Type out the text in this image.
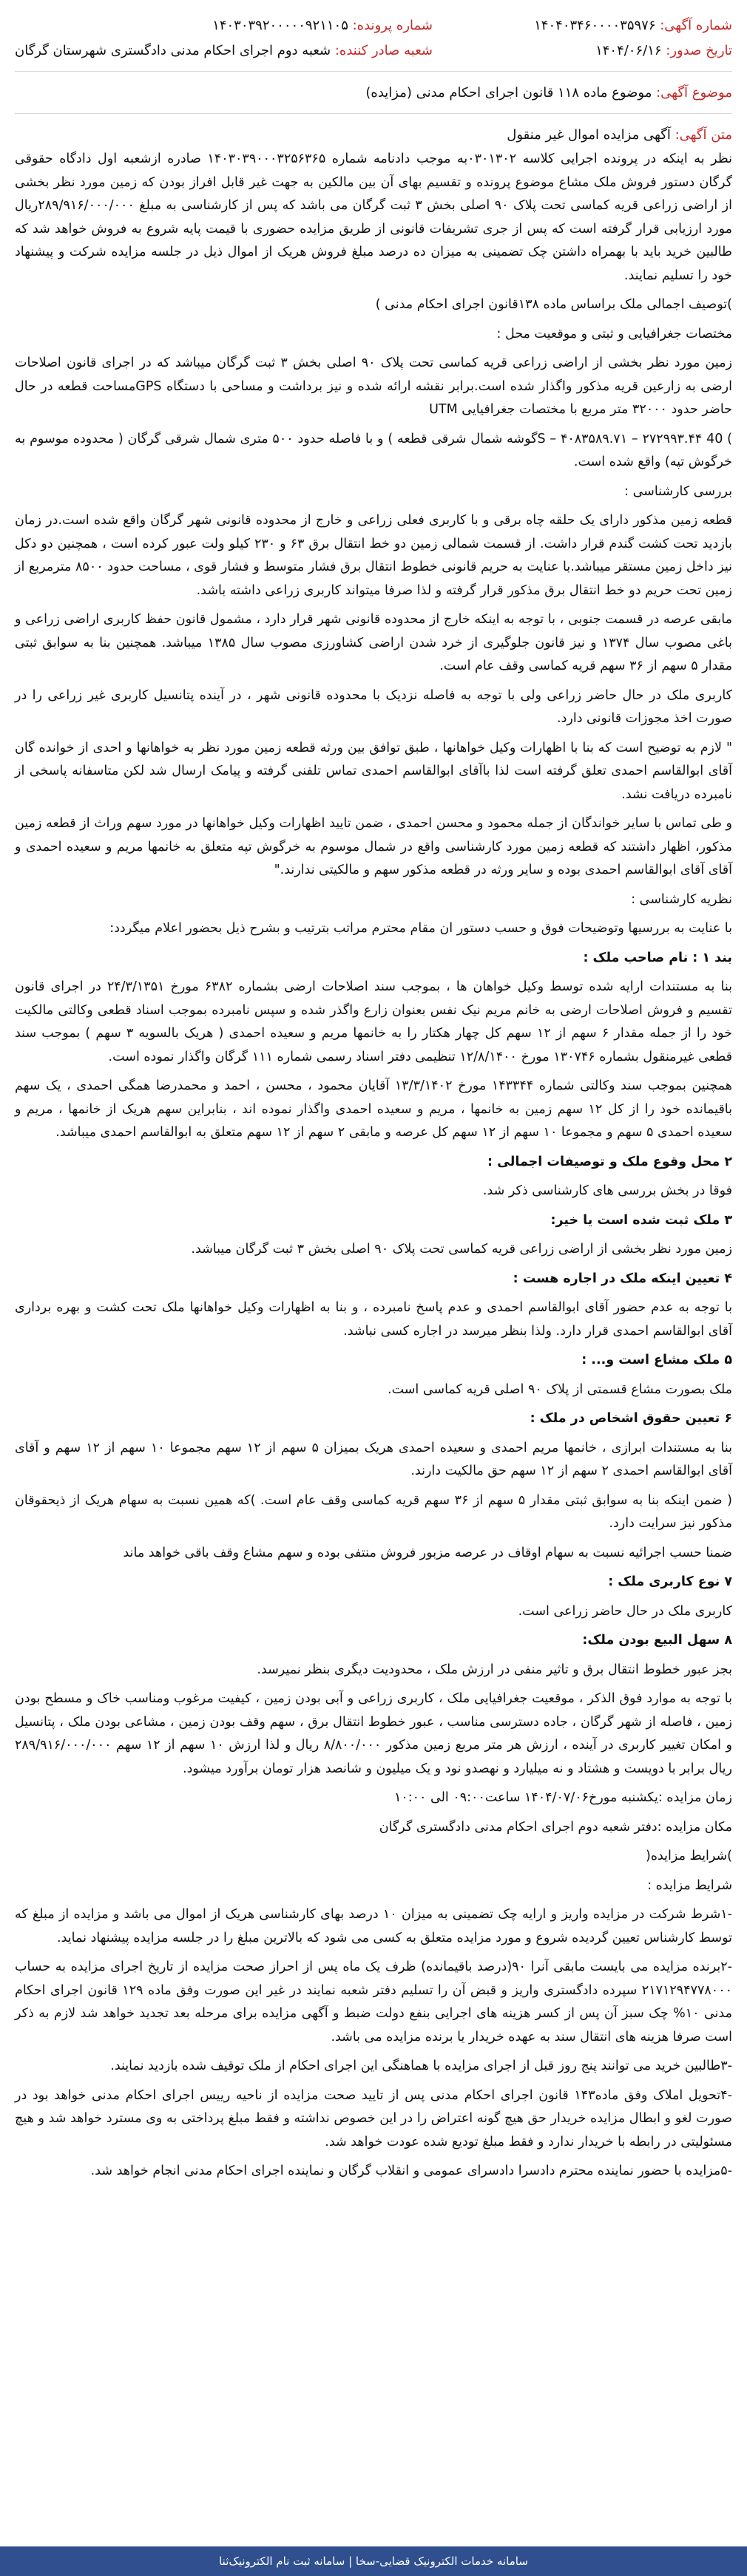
شماره آگهی: ۱۴۰۴۰۳۴۶۰۰۰۰۳۵۹۷۶
تاریخ صدور: ۱۴۰۴/۰۶/۱۶
شماره پرونده: ۱۴۰۳۰۳۹۲۰۰۰۰۰۹۲۱۱۰۵
شعبه صادر کننده: شعبه دوم اجرای احکام مدنی دادگستری شهرستان گرگان
موضوع آگهی: موضوع ماده ۱۱۸ قانون اجرای احکام مدنی (مزایده)
متن آگهی: آگهی مزایده اموال غیر منقول

نظر به اینکه در پرونده اجرایی کلاسه ۰۳۰۱۳۰۲به موجب دادنامه شماره ۱۴۰۳۰۳۹۰۰۰۳۲۵۶۳۶۵ صادره ازشعبه اول دادگاه حقوقی گرگان دستور فروش ملک مشاع موضوع پرونده و تقسیم بهای آن بین مالکین به جهت غیر قابل افراز بودن که زمین مورد نظر بخشی از اراضی زراعی قریه کماسی تحت پلاک ۹۰ اصلی بخش ۳ ثبت گرگان می باشد که پس از کارشناسی به مبلغ ۲۸۹/۹۱۶/۰۰۰/۰۰۰ریال مورد ارزیابی قرار گرفته است که پس از جری تشریفات قانونی از طریق مزایده حضوری با قیمت پایه شروع به فروش خواهد شد که طالبین خرید باید با بهمراه داشتن چک تضمینی به میزان ده درصد مبلغ فروش هریک از اموال ذیل در جلسه مزایده شرکت و پیشنهاد خود را تسلیم نمایند.

)توصیف اجمالی ملک براساس ماده ۱۳۸قانون اجرای احکام مدنی )

مختصات جغرافیایی و ثبتی و موقعیت محل :

زمین مورد نظر بخشی از اراضی زراعی قریه کماسی تحت پلاک ۹۰ اصلی بخش ۳ ثبت گرگان میباشد که در اجرای قانون اصلاحات ارضی به زارعین قریه مذکور واگذار شده است.برابر نقشه ارائه شده و نیز برداشت و مساحی با دستگاه GPSمساحت قطعه در حال حاضر حدود ۳۲۰۰۰ متر مربع با مختصات جغرافیایی UTM

) 40 S – ۴۰۸۳۵۸۹.۷۱ – ۲۷۲۹۹۳.۴۴گوشه شمال شرقی قطعه ) و با فاصله حدود ۵۰۰ متری شمال شرقی گرگان ( محدوده موسوم به خرگوش تپه) واقع شده است.

بررسی کارشناسی :

قطعه زمین مذکور دارای یک حلقه چاه برقی و با کاربری فعلی زراعی و خارج از محدوده قانونی شهر گرگان واقع شده است.در زمان بازدید تحت کشت گندم قرار داشت. از قسمت شمالی زمین دو خط انتقال برق ۶۳ و ۲۳۰ کیلو ولت عبور کرده است ، همچنین دو دکل نیز داخل زمین مستقر میباشد.با عنایت به حریم قانونی خطوط انتقال برق فشار متوسط و فشار قوی ، مساحت حدود ۸۵۰۰ مترمربع از زمین تحت حریم دو خط انتقال برق مذکور قرار گرفته و لذا صرفا میتواند کاربری زراعی داشته باشد.

مابقی عرصه در قسمت جنوبی ، با توجه به اینکه خارج از محدوده قانونی شهر قرار دارد ، مشمول قانون حفظ کاربری اراضی زراعی و باغی مصوب سال ۱۳۷۴ و نیز قانون جلوگیری از خرد شدن اراضی کشاورزی مصوب سال ۱۳۸۵ میباشد. همچنین بنا به سوابق ثبتی مقدار ۵ سهم از ۳۶ سهم قریه کماسی وقف عام است.

کاربری ملک در حال حاضر زراعی ولی با توجه به فاصله نزدیک با محدوده قانونی شهر ، در آینده پتانسیل کاربری غیر زراعی را در صورت اخذ مجوزات قانونی دارد.

" لازم به توضیح است که بنا با اظهارات وکیل خواهانها ، طبق توافق بین ورثه قطعه زمین مورد نظر به خواهانها و احدی از خوانده گان آقای ابوالقاسم احمدی تعلق گرفته است لذا باآقای ابوالقاسم احمدی تماس تلفنی گرفته و پیامک ارسال شد لکن متاسفانه پاسخی از نامبرده دریافت نشد.

و طی تماس با سایر خواندگان از جمله محمود و محسن احمدی ، ضمن تایید اظهارات وکیل خواهانها در مورد سهم وراث از قطعه زمین مذکور، اظهار داشتند که قطعه زمین مورد کارشناسی واقع در شمال موسوم به خرگوش تپه متعلق به خانمها مریم و سعیده احمدی و آقای آقای ابوالقاسم احمدی بوده و سایر ورثه در قطعه مذکور سهم و مالکیتی ندارند."

نظریه کارشناسی :

با عنایت به بررسیها وتوضیحات فوق و حسب دستور ان مقام محترم مراتب بترتیب و بشرح ذیل بحضور اعلام میگردد:

بند ۱ : نام صاحب ملک :

بنا به مستندات ارایه شده توسط وکیل خواهان ها ، بموجب سند اصلاحات ارضی بشماره ۶۳۸۲ مورخ ۲۴/۳/۱۳۵۱ در اجرای قانون تقسیم و فروش اصلاحات ارضی به خانم مریم نیک نفس بعنوان زارع واگذر شده و سپس نامبرده بموجب اسناد قطعی وکالتی مالکیت خود را از جمله مقدار ۶ سهم از ۱۲ سهم کل چهار هکتار را به خانمها مریم و سعیده احمدی ( هریک بالسویه ۳ سهم ) بموجب سند قطعی غیرمنقول بشماره ۱۳۰۷۴۶ مورخ ۱۲/۸/۱۴۰۰ تنظیمی دفتر اسناد رسمی شماره ۱۱۱ گرگان واگذار نموده است.

همچنین بموجب سند وکالتی شماره ۱۴۳۳۴۴ مورخ ۱۳/۳/۱۴۰۲ آقایان محمود ، محسن ، احمد و محمدرضا همگی احمدی ، یک سهم باقیمانده خود را از کل ۱۲ سهم زمین به خانمها ، مریم و سعیده احمدی واگذار نموده اند ، بنابراین سهم هریک از خانمها ، مریم و سعیده احمدی ۵ سهم و مجموعا ۱۰ سهم از ۱۲ سهم کل عرصه و مابقی ۲ سهم از ۱۲ سهم متعلق به ابوالقاسم احمدی میباشد.

۲ محل وقوع ملک و توصیفات اجمالی :

فوقا در بخش بررسی های کارشناسی ذکر شد.

۳ ملک ثبت شده است یا خیر:

زمین مورد نظر بخشی از اراضی زراعی قریه کماسی تحت پلاک ۹۰ اصلی بخش ۳ ثبت گرگان میباشد.

۴ تعیین اینکه ملک در اجاره هست :

با توجه به عدم حضور آقای ابوالقاسم احمدی و عدم پاسخ نامبرده ، و بنا به اظهارات وکیل خواهانها ملک تحت کشت و بهره برداری آقای ابوالقاسم احمدی قرار دارد. ولذا بنظر میرسد در اجاره کسی نباشد.

۵ ملک مشاع است و... :

ملک بصورت مشاع قسمتی از پلاک ۹۰ اصلی قریه کماسی است.

۶ تعیین حقوق اشخاص در ملک :

بنا به مستندات ابرازی ، خانمها مریم احمدی و سعیده احمدی هریک بمیزان ۵ سهم از ۱۲ سهم مجموعا ۱۰ سهم از ۱۲ سهم و آقای آقای ابوالقاسم احمدی ۲ سهم از ۱۲ سهم حق مالکیت دارند.

( ضمن اینکه بنا به سوابق ثبتی مقدار ۵ سهم از ۳۶ سهم قریه کماسی وقف عام است. )که همین نسبت به سهام هریک از ذیحقوقان مذکور نیز سرایت دارد.

ضمنا حسب اجرائیه نسبت به سهام اوقاف در عرصه مزبور فروش منتفی بوده و سهم مشاع وقف باقی خواهد ماند

۷ نوع کاربری ملک :

کاربری ملک در حال حاضر زراعی است.

۸ سهل البیع بودن ملک:

بجز عبور خطوط انتقال برق و تاثیر منفی در ارزش ملک ، محدودیت دیگری بنظر نمیرسد.

با توجه به موارد فوق الذکر ، موقعیت جغرافیایی ملک ، کاربری زراعی و آبی بودن زمین ، کیفیت مرغوب ومناسب خاک و مسطح بودن زمین ، فاصله از شهر گرگان ، جاده دسترسی مناسب ، عبور خطوط انتقال برق ، سهم وقف بودن زمین ، مشاعی بودن ملک ، پتانسیل و امکان تغییر کاربری در آینده ، ارزش هر متر مربع زمین مذکور ۸/۸۰۰/۰۰۰ ریال و لذا ارزش ۱۰ سهم از ۱۲ سهم ۲۸۹/۹۱۶/۰۰۰/۰۰۰ ریال برابر با دویست و هشتاد و نه میلیارد و نهصدو نود و یک میلیون و شانصد هزار تومان برآورد میشود.

زمان مزایده :یکشنبه مورخ۱۴۰۴/۰۷/۰۶ ساعت۰۹:۰۰ الی ۱۰:۰۰

مکان مزایده :دفتر شعبه دوم اجرای احکام مدنی دادگستری گرگان

)شرایط مزایده(

شرایط مزایده :

-۱شرط شرکت در مزایده واریز و ارایه چک تضمینی به میزان ۱۰ درصد بهای کارشناسی هریک از اموال می باشد و مزایده از مبلغ که توسط کارشناس تعیین گردیده شروع و مورد مزایده متعلق به کسی می شود که بالاترین مبلغ را در جلسه مزایده پیشنهاد نماید.

-۲برنده مزایده می بایست مابقی آنرا ۹۰(درصد باقیمانده) ظرف یک ماه پس از احراز صحت مزایده از تاریخ اجرای مزایده به حساب ۲۱۷۱۲۹۴۷۷۸۰۰۰ سپرده دادگستری واریز و قبض آن را تسلیم دفتر شعبه نمایند در غیر این صورت وفق ماده ۱۲۹ قانون اجرای احکام مدنی ۱۰% چک سبز آن پس از کسر هزینه های اجرایی بنفع دولت ضبط و آگهی مزایده برای مرحله بعد تجدید خواهد شد لازم به ذکر است صرفا هزینه های انتقال سند به عهده خریدار یا برنده مزایده می باشد.

-۳طالبین خرید می توانند پنج روز قبل از اجرای مزایده با هماهنگی این اجرای احکام از ملک توقیف شده بازدید نمایند.

-۴تحویل املاک وفق ماده۱۴۳ قانون اجرای احکام مدنی پس از تایید صحت مزایده از ناحیه رییس اجرای احکام مدنی خواهد بود در صورت لغو و ابطال مزایده خریدار حق هیچ گونه اعتراض را در این خصوص نداشته و فقط مبلغ پرداختی به وی مسترد خواهد شد و هیچ مسئولیتی در رابطه با خریدار ندارد و فقط مبلغ تودیع شده عودت خواهد شد.

-۵مزایده با حضور نماینده محترم دادسرا دادسرای عمومی و انقلاب گرگان و نماینده اجرای احکام مدنی انجام خواهد شد.

سامانه خدمات الکترونیک قضایی-سخا | سامانه ثبت نام الکترونیک‌ثنا
